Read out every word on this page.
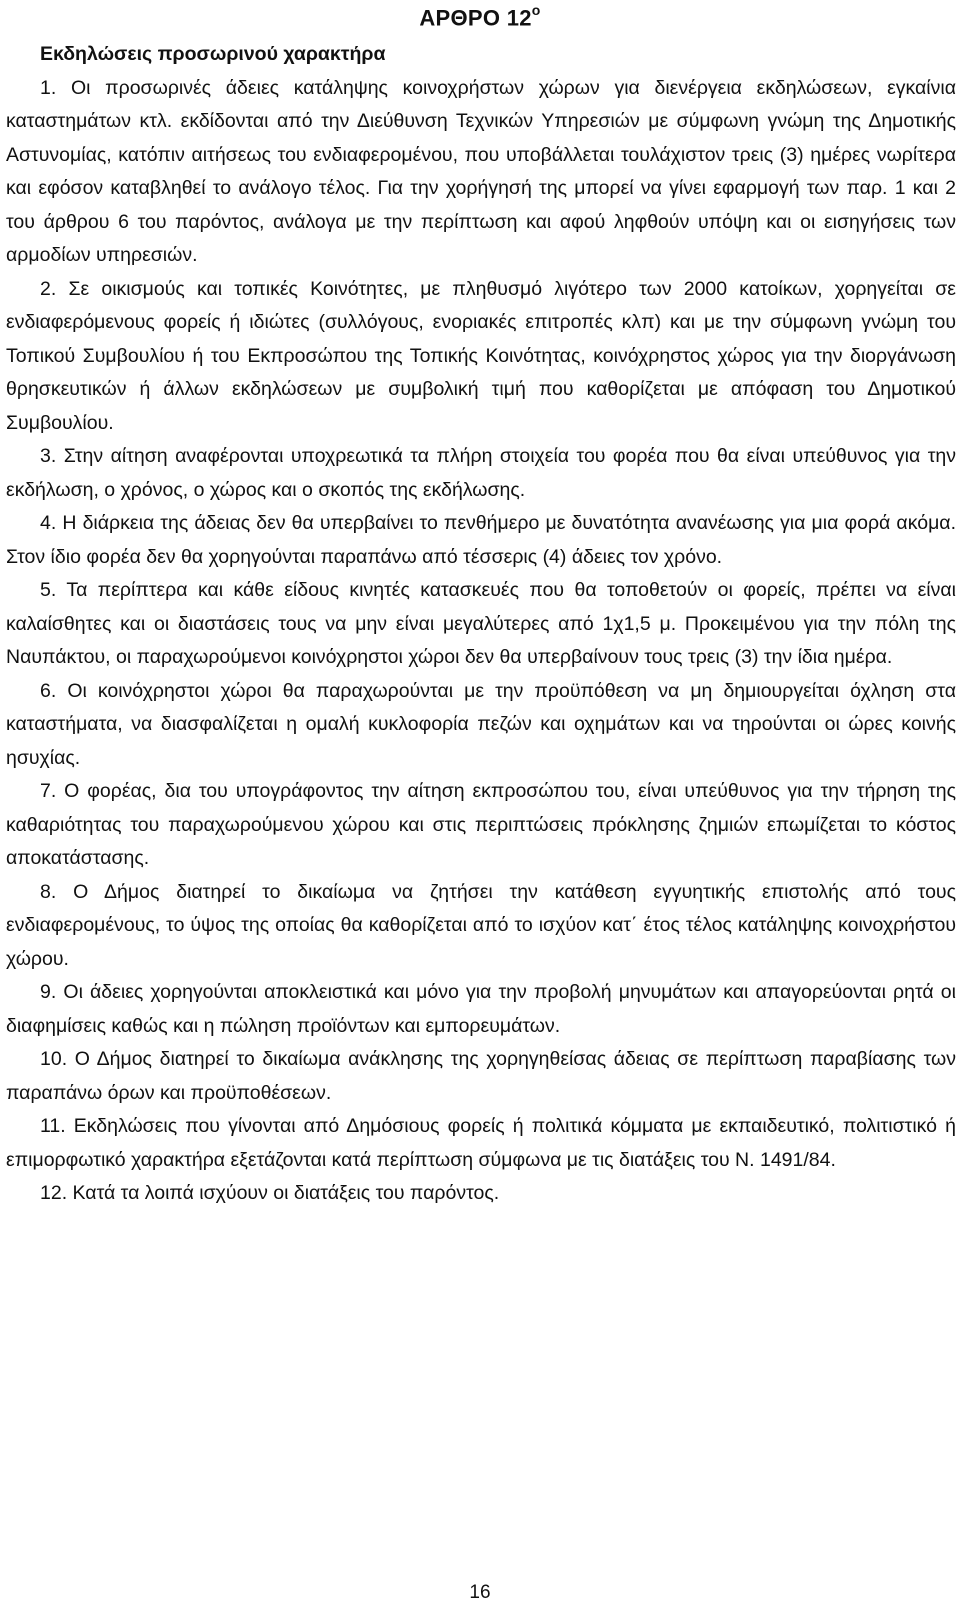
ΑΡΘΡΟ $12^o$
Εκδηλώσεις προσωρινού χαρακτήρα

1. Οι προσωρινές άδειες κατάληψης κοινοχρήστων χώρων για διενέργεια εκδηλώσεων, εγκαίνια καταστημάτων κτλ. εκδίδονται από την Διεύθυνση Τεχνικών Υπηρεσιών με σύμφωνη γνώμη της Δημοτικής Αστυνομίας, κατόπιν αιτήσεως του ενδιαφερομένου, που υποβάλλεται τουλάχιστον τρεις (3) ημέρες νωρίτερα και εφόσον καταβληθεί το ανάλογο τέλος. Για την χορήγησή της μπορεί να γίνει εφαρμογή των παρ. 1 και 2 του άρθρου 6 του παρόντος, ανάλογα με την περίπτωση και αφού ληφθούν υπόψη και οι εισηγήσεις των αρμοδίων υπηρεσιών.

2. Σε οικισμούς και τοπικές Κοινότητες, με πληθυσμό λιγότερο των 2000 κατοίκων, χορηγείται σε ενδιαφερόμενους φορείς ή ιδιώτες (συλλόγους, ενοριακές επιτροπές κλπ) και με την σύμφωνη γνώμη του Τοπικού Συμβουλίου ή του Εκπροσώπου της Τοπικής Κοινότητας, κοινόχρηστος χώρος για την διοργάνωση θρησκευτικών ή άλλων εκδηλώσεων με συμβολική τιμή που καθορίζεται με απόφαση του Δημοτικού Συμβουλίου.

3. Στην αίτηση αναφέρονται υποχρεωτικά τα πλήρη στοιχεία του φορέα που θα είναι υπεύθυνος για την εκδήλωση, ο χρόνος, ο χώρος και ο σκοπός της εκδήλωσης.

4. Η διάρκεια της άδειας δεν θα υπερβαίνει το πενθήμερο με δυνατότητα ανανέωσης για μια φορά ακόμα. Στον ίδιο φορέα δεν θα χορηγούνται παραπάνω από τέσσερις (4) άδειες τον χρόνο.

5. Τα περίπτερα και κάθε είδους κινητές κατασκευές που θα τοποθετούν οι φορείς, πρέπει να είναι καλαίσθητες και οι διαστάσεις τους να μην είναι μεγαλύτερες από 1χ1,5 μ. Προκειμένου για την πόλη της Ναυπάκτου, οι παραχωρούμενοι κοινόχρηστοι χώροι δεν θα υπερβαίνουν τους τρεις (3) την ίδια ημέρα.

6. Οι κοινόχρηστοι χώροι θα παραχωρούνται με την προϋπόθεση να μη δημιουργείται όχληση στα καταστήματα, να διασφαλίζεται η ομαλή κυκλοφορία πεζών και οχημάτων και να τηρούνται οι ώρες κοινής ησυχίας.

7. Ο φορέας, δια του υπογράφοντος την αίτηση εκπροσώπου του, είναι υπεύθυνος για την τήρηση της καθαριότητας του παραχωρούμενου χώρου και στις περιπτώσεις πρόκλησης ζημιών επωμίζεται το κόστος αποκατάστασης.

8. Ο Δήμος διατηρεί το δικαίωμα να ζητήσει την κατάθεση εγγυητικής επιστολής από τους ενδιαφερομένους, το ύψος της οποίας θα καθορίζεται από το ισχύον κατ΄ έτος τέλος κατάληψης κοινοχρήστου χώρου.

9. Οι άδειες χορηγούνται αποκλειστικά και μόνο για την προβολή μηνυμάτων και απαγορεύονται ρητά οι διαφημίσεις καθώς και η πώληση προϊόντων και εμπορευμάτων.

10. Ο Δήμος διατηρεί το δικαίωμα ανάκλησης της χορηγηθείσας άδειας σε περίπτωση παραβίασης των παραπάνω όρων και προϋποθέσεων.

11. Εκδηλώσεις που γίνονται από Δημόσιους φορείς ή πολιτικά κόμματα με εκπαιδευτικό, πολιτιστικό ή επιμορφωτικό χαρακτήρα εξετάζονται κατά περίπτωση σύμφωνα με τις διατάξεις του Ν. 1491/84.

12. Κατά τα λοιπά ισχύουν οι διατάξεις του παρόντος.

16
